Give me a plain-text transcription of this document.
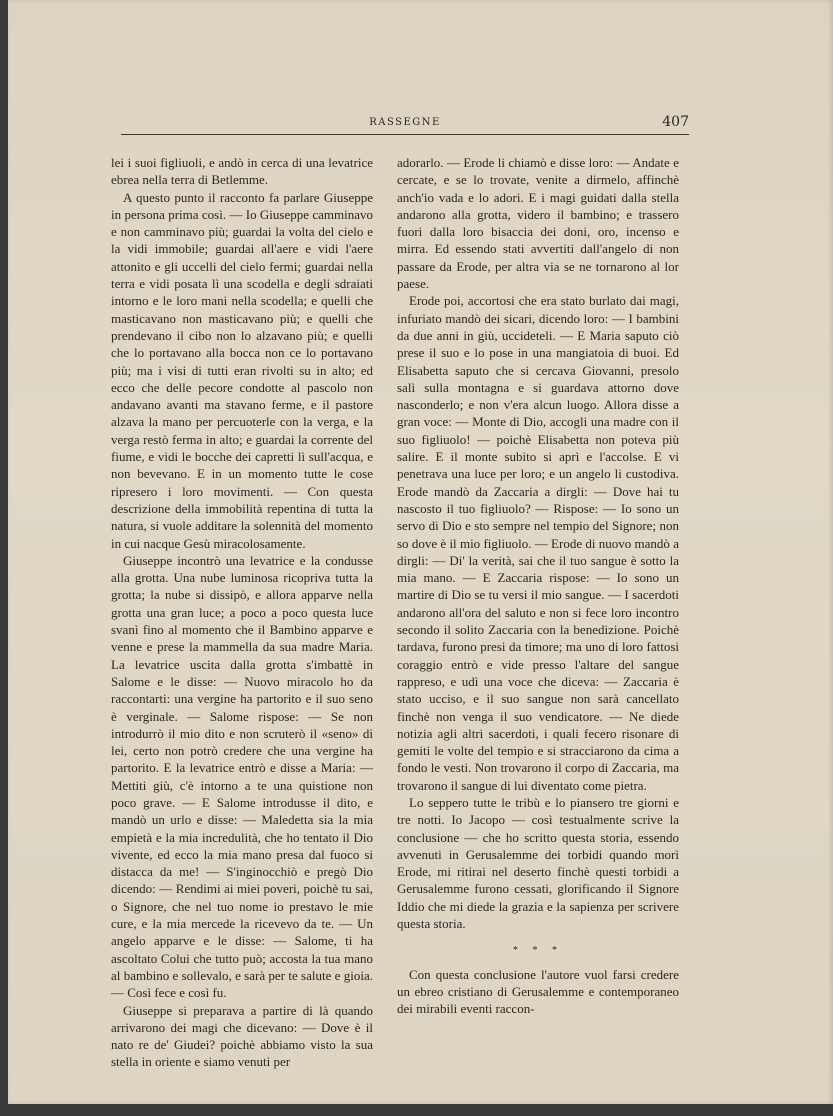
RASSEGNE	407

lei i suoi figliuoli, e andò in cerca di una levatrice ebrea nella terra di Betlemme.

A questo punto il racconto fa parlare Giuseppe in persona prima così. — Io Giuseppe camminavo e non camminavo più; guardai la volta del cielo e la vidi immobile; guardai all'aere e vidi l'aere attonito e gli uccelli del cielo fermi; guardai nella terra e vidi posata lì una scodella e degli sdraiati intorno e le loro mani nella scodella; e quelli che masticavano non masticavano più; e quelli che prendevano il cibo non lo alzavano più; e quelli che lo portavano alla bocca non ce lo portavano più; ma i visi di tutti eran rivolti su in alto; ed ecco che delle pecore condotte al pascolo non andavano avanti ma stavano ferme, e il pastore alzava la mano per percuoterle con la verga, e la verga restò ferma in alto; e guardai la corrente del fiume, e vidi le bocche dei capretti lì sull'acqua, e non bevevano. E in un momento tutte le cose ripresero i loro movimenti. — Con questa descrizione della immobilità repentina di tutta la natura, si vuole additare la solennità del momento in cui nacque Gesù miracolosamente.

Giuseppe incontrò una levatrice e la condusse alla grotta. Una nube luminosa ricopriva tutta la grotta; la nube si dissipò, e allora apparve nella grotta una gran luce; a poco a poco questa luce svanì fino al momento che il Bambino apparve e venne e prese la mammella da sua madre Maria. La levatrice uscita dalla grotta s'imbattè in Salome e le disse: — Nuovo miracolo ho da raccontarti: una vergine ha partorito e il suo seno è verginale. — Salome rispose: — Se non introdurrò il mio dito e non scruterò il «seno» di lei, certo non potrò credere che una vergine ha partorito. E la levatrice entrò e disse a Maria: — Mettiti giù, c'è intorno a te una quistione non poco grave. — E Salome introdusse il dito, e mandò un urlo e disse: — Maledetta sia la mia empietà e la mia incredulità, che ho tentato il Dio vivente, ed ecco la mia mano presa dal fuoco si distacca da me! — S'inginocchiò e pregò Dio dicendo: — Rendimi ai miei poveri, poichè tu sai, o Signore, che nel tuo nome io prestavo le mie cure, e la mia mercede la ricevevo da te. — Un angelo apparve e le disse: — Salome, ti ha ascoltato Colui che tutto può; accosta la tua mano al bambino e sollevalo, e sarà per te salute e gioia. — Così fece e così fu.

Giuseppe si preparava a partire di là quando arrivarono dei magi che dicevano: — Dove è il nato re de' Giudei? poichè abbiamo visto la sua stella in oriente e siamo venuti per

adorarlo. — Erode li chiamò e disse loro: — Andate e cercate, e se lo trovate, venite a dirmelo, affinchè anch'io vada e lo adori. E i magi guidati dalla stella andarono alla grotta, videro il bambino; e trassero fuori dalla loro bisaccia dei doni, oro, incenso e mirra. Ed essendo stati avvertiti dall'angelo di non passare da Erode, per altra via se ne tornarono al lor paese.

Erode poi, accortosi che era stato burlato dai magi, infuriato mandò dei sicari, dicendo loro: — I bambini da due anni in giù, uccideteli. — E Maria saputo ciò prese il suo e lo pose in una mangiatoia di buoi. Ed Elisabetta saputo che si cercava Giovanni, presolo salì sulla montagna e si guardava attorno dove nasconderlo; e non v'era alcun luogo. Allora disse a gran voce: — Monte di Dio, accogli una madre con il suo figliuolo! — poichè Elisabetta non poteva più salire. E il monte subito si aprì e l'accolse. E vi penetrava una luce per loro; e un angelo li custodiva. Erode mandò da Zaccaria a dirgli: — Dove hai tu nascosto il tuo figliuolo? — Rispose: — Io sono un servo di Dio e sto sempre nel tempio del Signore; non so dove è il mio figliuolo. — Erode di nuovo mandò a dirgli: — Di' la verità, sai che il tuo sangue è sotto la mia mano. — E Zaccaria rispose: — Io sono un martire di Dio se tu versi il mio sangue. — I sacerdoti andarono all'ora del saluto e non si fece loro incontro secondo il solito Zaccaria con la benedizione. Poichè tardava, furono presi da timore; ma uno di loro fattosi coraggio entrò e vide presso l'altare del sangue rappreso, e udì una voce che diceva: — Zaccaria è stato ucciso, e il suo sangue non sarà cancellato finchè non venga il suo vendicatore. — Ne diede notizia agli altri sacerdoti, i quali fecero risonare di gemiti le volte del tempio e si stracciarono da cima a fondo le vesti. Non trovarono il corpo di Zaccaria, ma trovarono il sangue di lui diventato come pietra.

Lo seppero tutte le tribù e lo piansero tre giorni e tre notti. Io Jacopo — così testualmente scrive la conclusione — che ho scritto questa storia, essendo avvenuti in Gerusalemme dei torbidi quando morì Erode, mi ritirai nel deserto finchè questi torbidi a Gerusalemme furono cessati, glorificando il Signore Iddio che mi diede la grazia e la sapienza per scrivere questa storia.

* * *

Con questa conclusione l'autore vuol farsi credere un ebreo cristiano di Gerusalemme e contemporaneo dei mirabili eventi raccon-
